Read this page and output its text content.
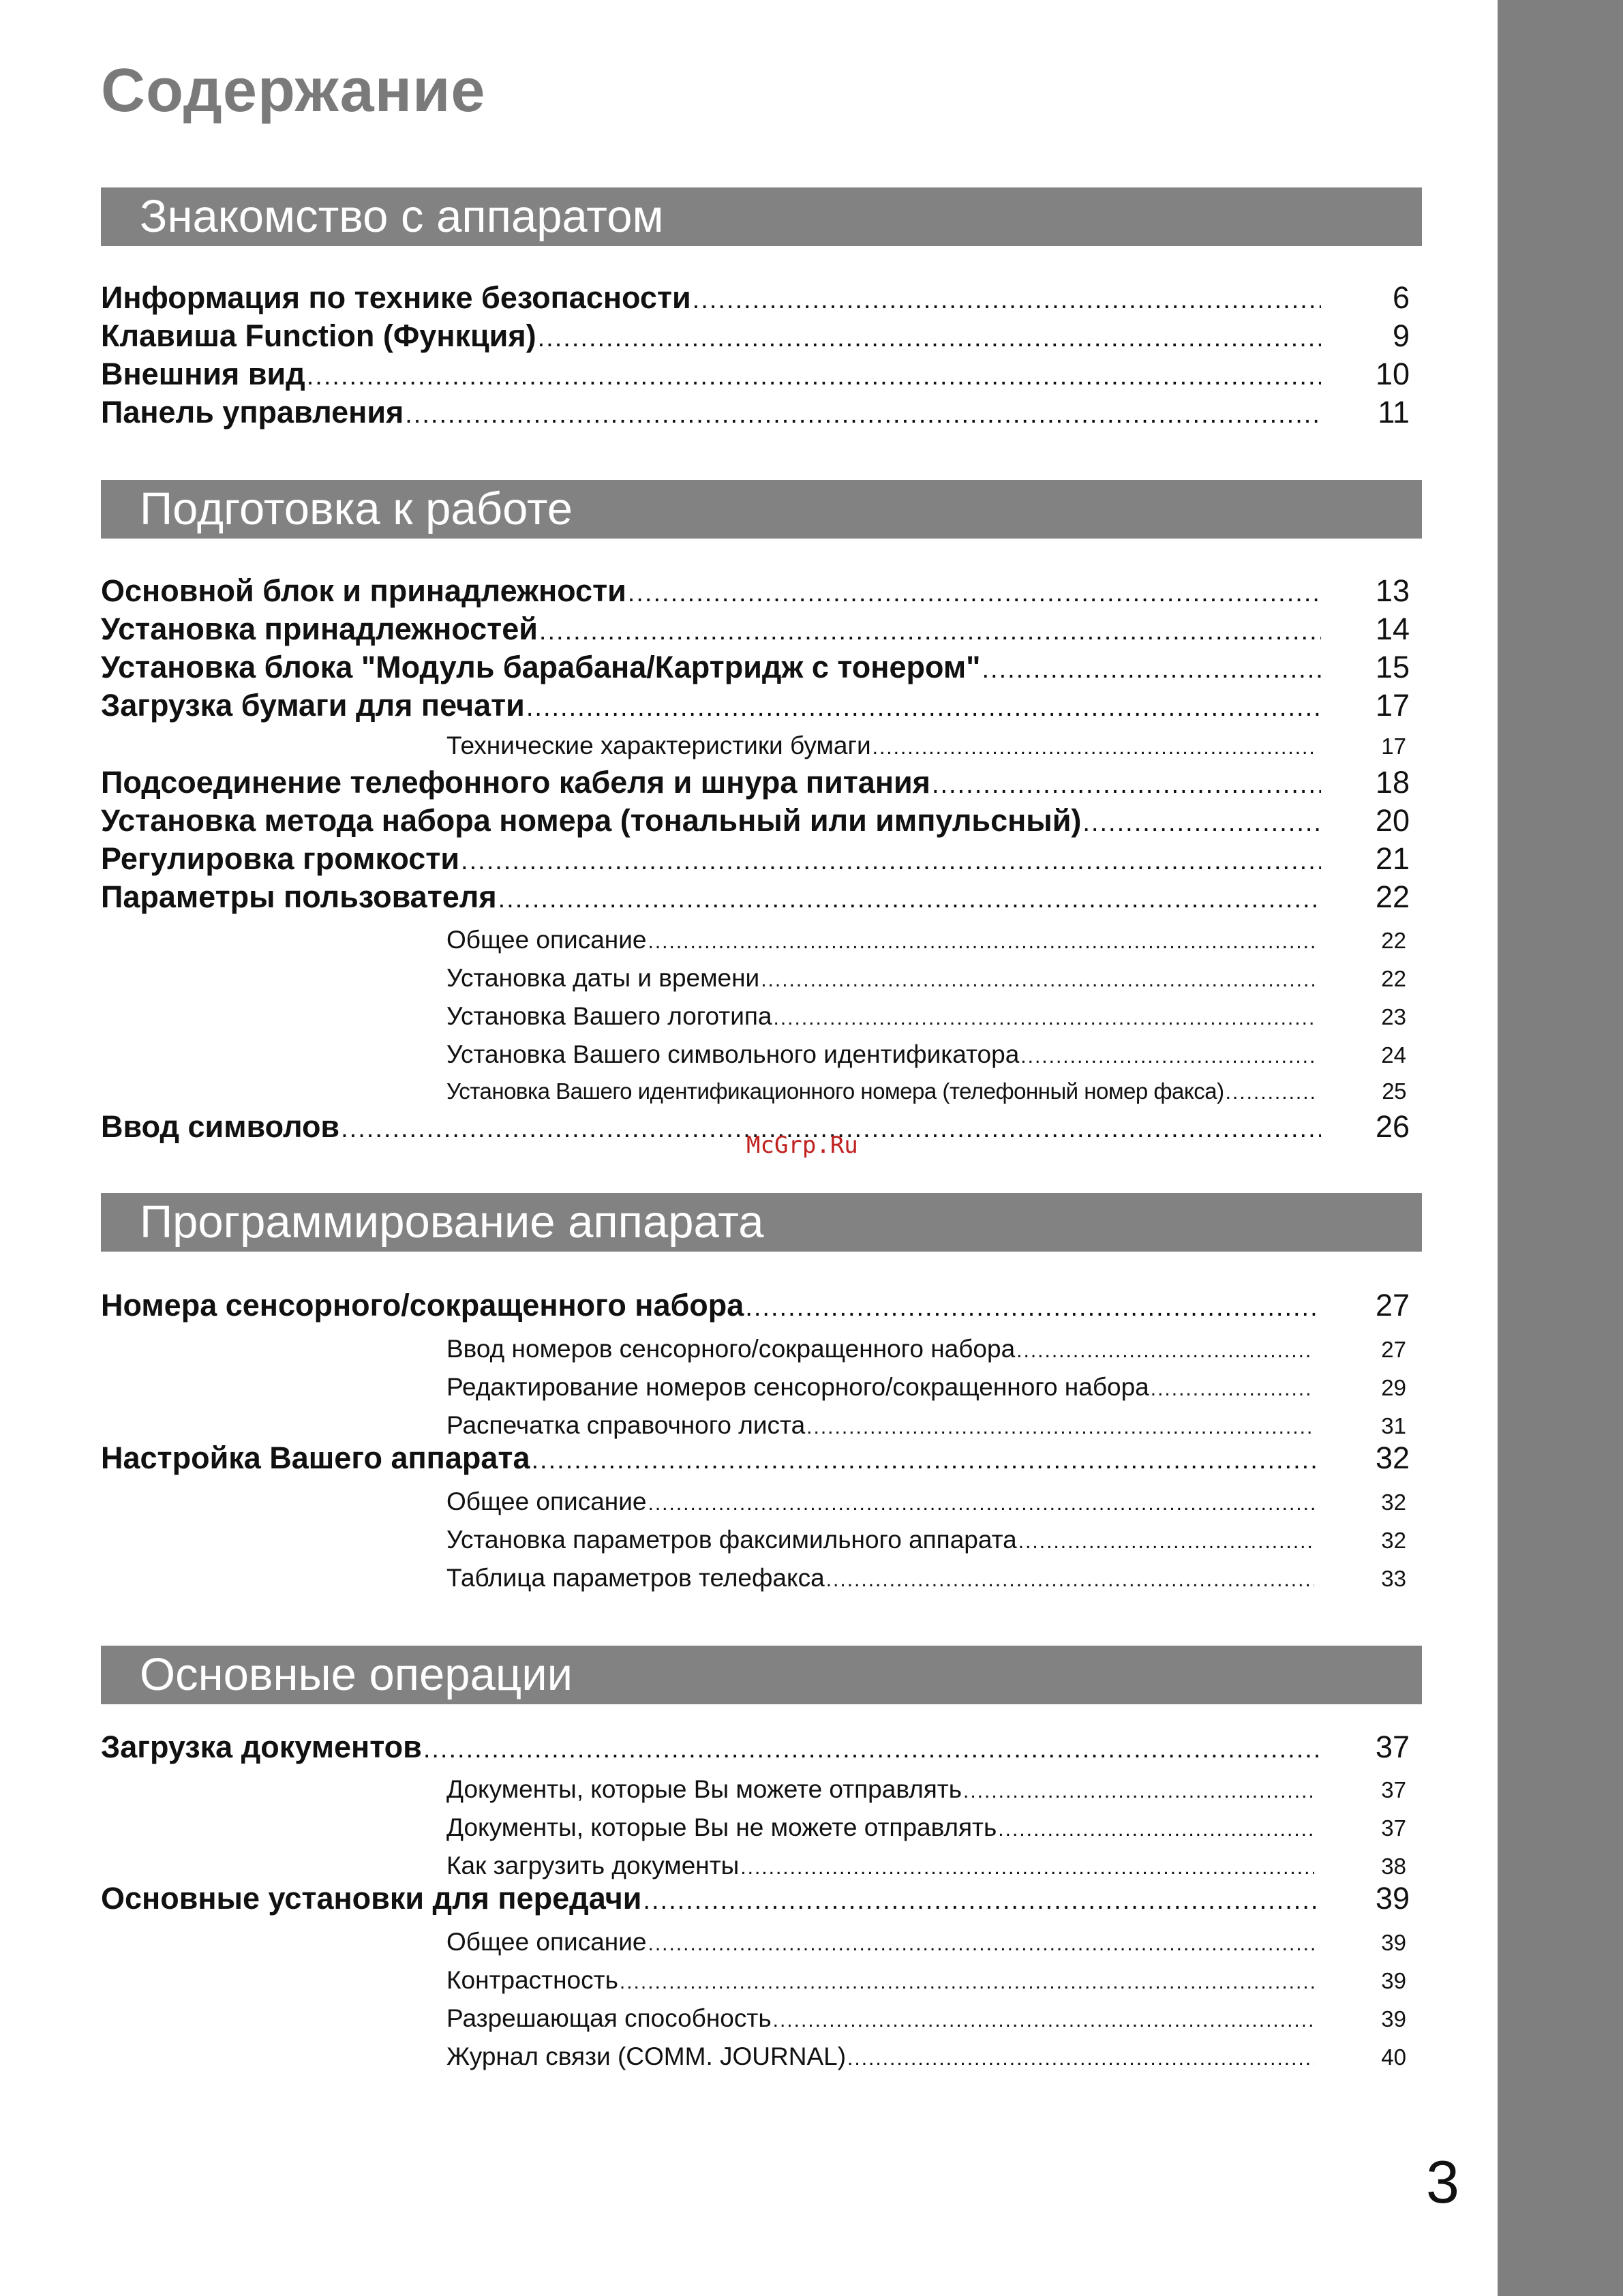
Содержание
Знакомство с аппаратом
Информация по технике безопасности .....	6
Клавиша Function (Функция) .....	9
Внешния вид .....	10
Панель управления .....	11
Подготовка к работе
Основной блок и принадлежности .....	13
Установка принадлежностей .....	14
Установка блока "Модуль барабана/Картридж с тонером" .....	15
Загрузка бумаги для печати .....	17
Технические характеристики бумаги .....	17
Подсоединение телефонного кабеля и шнура питания .....	18
Установка метода набора номера (тональный или импульсный) .....	20
Регулировка громкости .....	21
Параметры пользователя .....	22
Общее описание .....	22
Установка даты и времени .....	22
Установка Вашего логотипа .....	23
Установка Вашего символьного идентификатора .....	24
Установка Вашего идентификационного номера (телефонный номер факса) .....	25
Ввод символов .....	26
McGrp.Ru
Программирование аппарата
Номера сенсорного/сокращенного набора .....	27
Ввод номеров сенсорного/сокращенного набора .....	27
Редактирование номеров сенсорного/сокращенного набора .....	29
Распечатка справочного листа .....	31
Настройка Вашего аппарата .....	32
Общее описание .....	32
Установка параметров факсимильного аппарата .....	32
Таблица параметров телефакса .....	33
Основные операции
Загрузка документов .....	37
Документы, которые Вы можете отправлять .....	37
Документы, которые Вы не можете отправлять .....	37
Как загрузить документы .....	38
Основные установки для передачи .....	39
Общее описание .....	39
Контрастность .....	39
Разрешающая способность .....	39
Журнал связи (COMM. JOURNAL) .....	40
3
